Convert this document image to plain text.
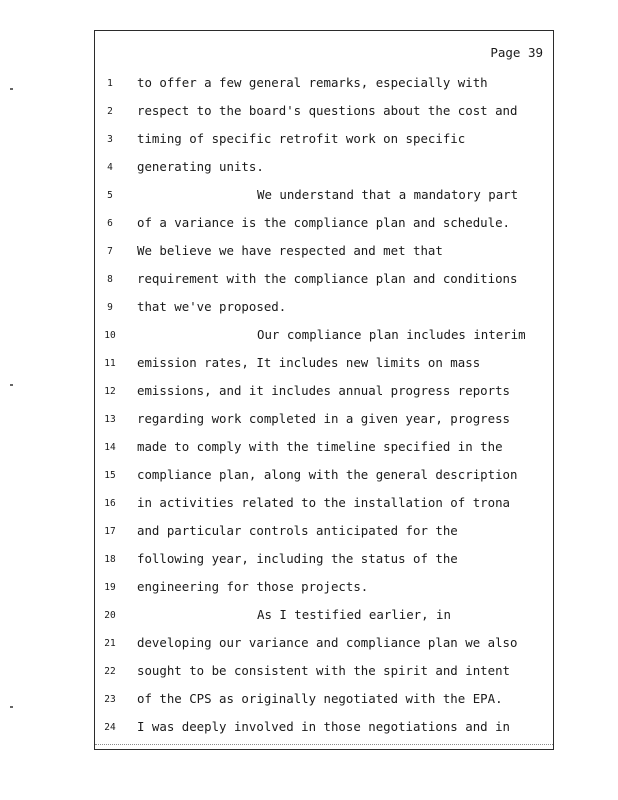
Page 39
1	to offer a few general remarks, especially with
2	respect to the board's questions about the cost and
3	timing of specific retrofit work on specific
4	generating units.
5	We understand that a mandatory part
6	of a variance is the compliance plan and schedule.
7	We believe we have respected and met that
8	requirement with the compliance plan and conditions
9	that we've proposed.
10	Our compliance plan includes interim
11 emission rates, It includes new limits on mass
12 emissions, and it includes annual progress reports
13 regarding work completed in a given year, progress
14 made to comply with the timeline specified in the
15 compliance plan, along with the general description
16 in activities related to the installation of trona
17 and particular controls anticipated for the
18 following year, including the status of the
19 engineering for those projects.
20	As I testified earlier, in
21 developing our variance and compliance plan we also
22 sought to be consistent with the spirit and intent
23 of the CPS as originally negotiated with the EPA.
24 I was deeply involved in those negotiations and in
